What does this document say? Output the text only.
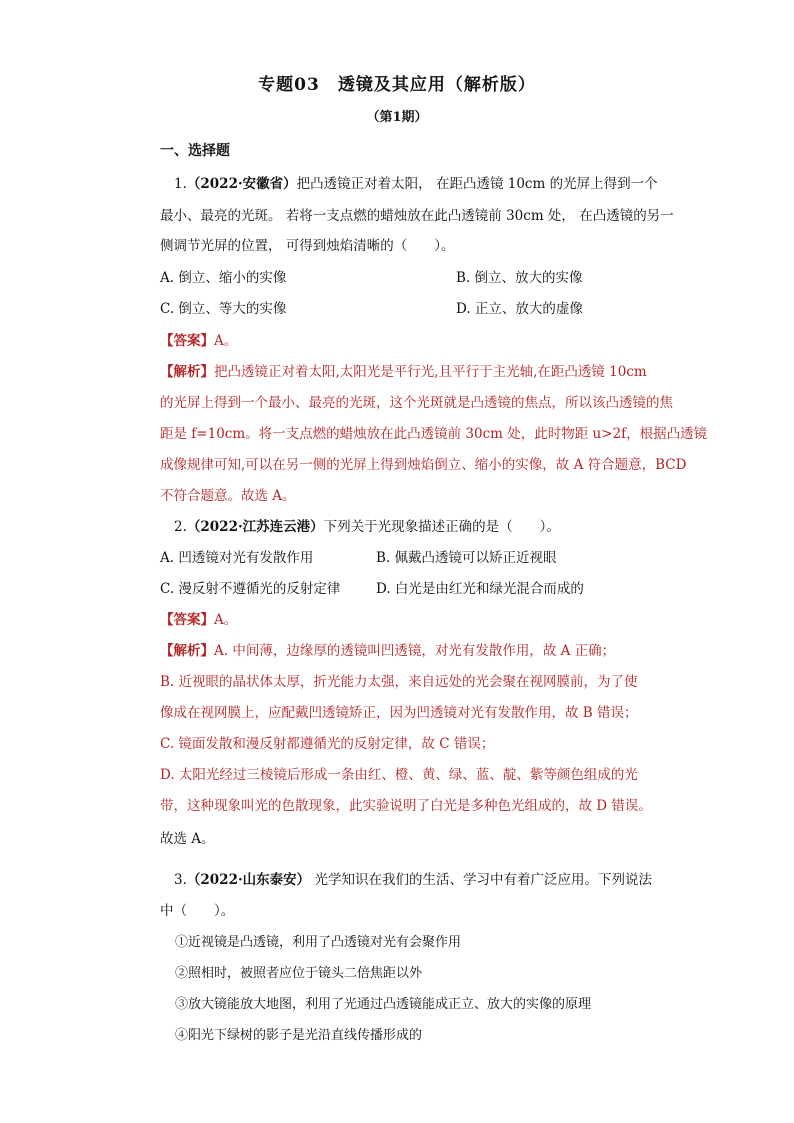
专题03　透镜及其应用（解析版）
（第1期）
一、选择题
1.（2022·安徽省）把凸透镜正对着太阳， 在距凸透镜 10cm 的光屏上得到一个
最小、最亮的光斑。 若将一支点燃的蜡烛放在此凸透镜前 30cm 处， 在凸透镜的另一
侧调节光屏的位置， 可得到烛焰清晰的（　　）。
A. 倒立、缩小的实像	B. 倒立、放大的实像
C. 倒立、等大的实像	D. 正立、放大的虚像
【答案】A。
【解析】把凸透镜正对着太阳,太阳光是平行光,且平行于主光轴,在距凸透镜 10cm
的光屏上得到一个最小、最亮的光斑，这个光斑就是凸透镜的焦点，所以该凸透镜的焦
距是 f=10cm。将一支点燃的蜡烛放在此凸透镜前 30cm 处，此时物距 u>2f，根据凸透镜
成像规律可知,可以在另一侧的光屏上得到烛焰倒立、缩小的实像，故 A 符合题意，BCD
不符合题意。故选 A。
2.（2022·江苏连云港）下列关于光现象描述正确的是（　　）。
A. 凹透镜对光有发散作用	B. 佩戴凸透镜可以矫正近视眼
C. 漫反射不遵循光的反射定律	D. 白光是由红光和绿光混合而成的
【答案】A。
【解析】A. 中间薄，边缘厚的透镜叫凹透镜，对光有发散作用，故 A 正确；
B. 近视眼的晶状体太厚，折光能力太强，来自远处的光会聚在视网膜前，为了使
像成在视网膜上，应配戴凹透镜矫正，因为凹透镜对光有发散作用，故 B 错误；
C. 镜面发散和漫反射都遵循光的反射定律，故 C 错误；
D. 太阳光经过三棱镜后形成一条由红、橙、黄、绿、蓝、靛、紫等颜色组成的光
带，这种现象叫光的色散现象，此实验说明了白光是多种色光组成的，故 D 错误。
故选 A。
3.（2022·山东泰安） 光学知识在我们的生活、学习中有着广泛应用。下列说法
中（　　）。
①近视镜是凸透镜，利用了凸透镜对光有会聚作用
②照相时，被照者应位于镜头二倍焦距以外
③放大镜能放大地图，利用了光通过凸透镜能成正立、放大的实像的原理
④阳光下绿树的影子是光沿直线传播形成的
